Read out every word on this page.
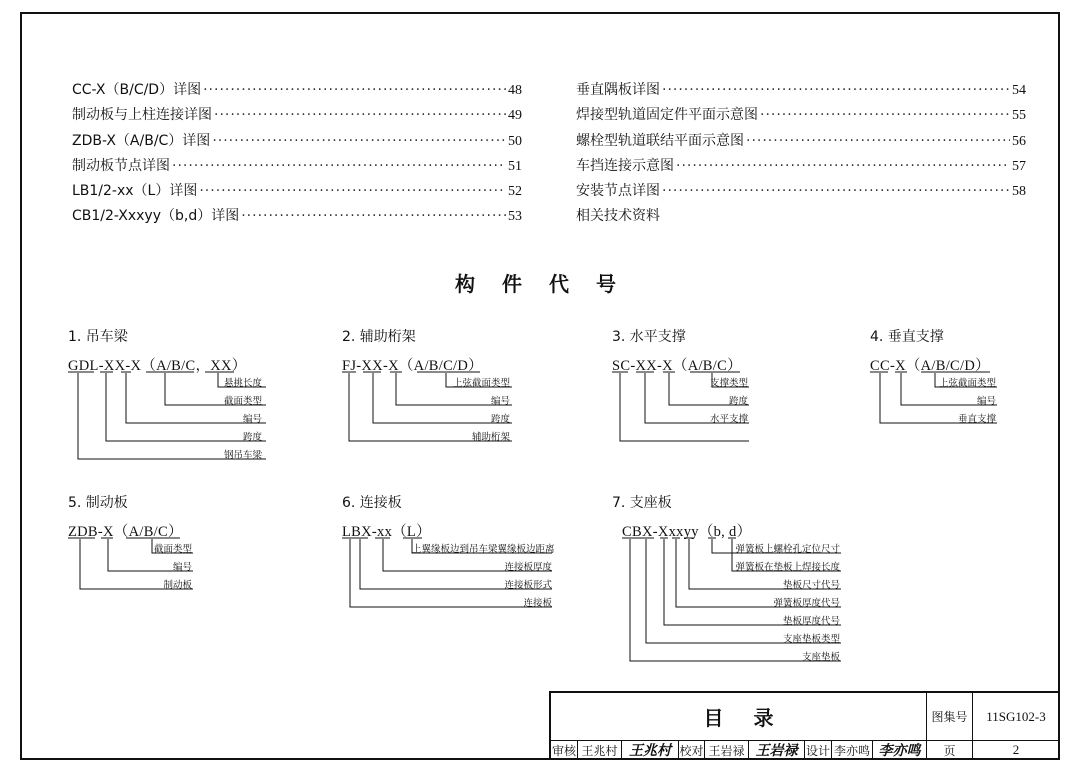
CC-X（B/C/D）详图 ·····	48
制动板与上柱连接详图 ·····	49
ZDB-X（A/B/C）详图 ·····	50
制动板节点详图 ·····	51
LB1/2-xx（L）详图 ·····	52
CB1/2-Xxxyy（b,d）详图 ·····	53
垂直隅板详图 ·····	54
焊接型轨道固定件平面示意图 ·····	55
螺栓型轨道联结平面示意图 ·····	56
车挡连接示意图 ·····	57
安装节点详图 ·····	58
相关技术资料
构件代号
1. 吊车梁
GDL-XX-X（A/B/C，XX）
悬挑长度
截面类型
编号
跨度
钢吊车梁
2. 辅助桁架
FJ-XX-X（A/B/C/D）
上弦截面类型
编号
跨度
辅助桁架
3. 水平支撑
SC-XX-X（A/B/C）
支撑类型
跨度
水平支撑
4. 垂直支撑
CC-X（A/B/C/D）
上弦截面类型
编号
垂直支撑
5. 制动板
ZDB-X（A/B/C）
截面类型
编号
制动板
6. 连接板
LBX-xx（L）
上翼缘板边到吊车梁翼缘板边距离
连接板厚度
连接板形式
连接板
7. 支座板
CBX-Xxxyy（b, d）
弹簧板上螺栓孔定位尺寸
弹簧板在垫板上焊接长度
垫板尺寸代号
弹簧板厚度代号
垫板厚度代号
支座垫板类型
支座垫板
目录	图集号	11SG102-3
审核 王兆村 王兆村 校对 王岩禄 王岩禄 设计 李亦鸣 李亦鸣	页	2
